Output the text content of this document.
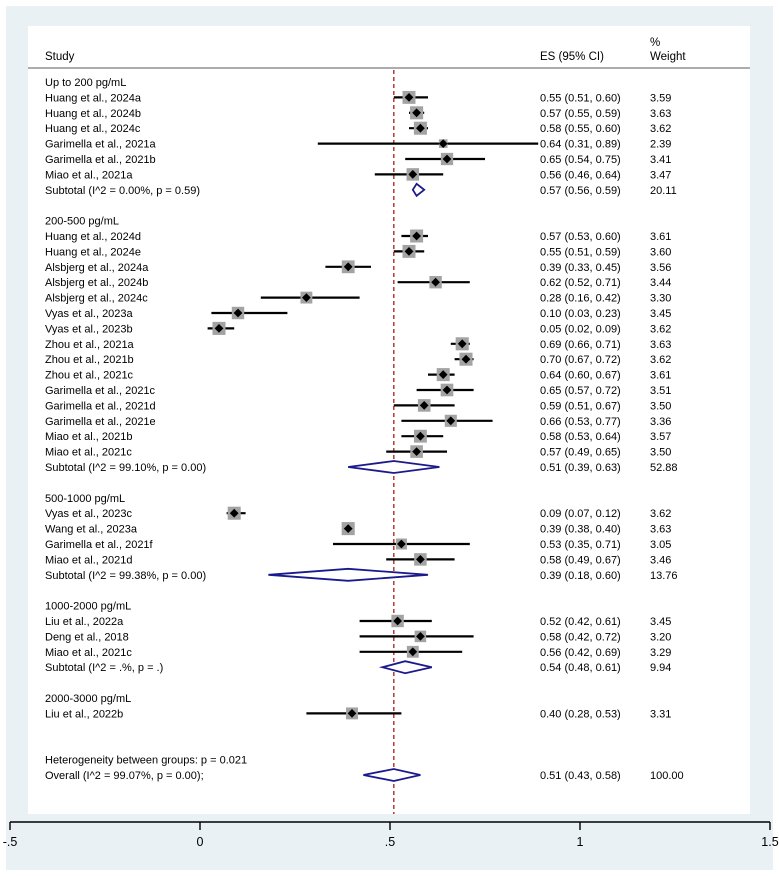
Study	ES (95% CI)
%
Weight
Up to 200 pg/mL
Huang et al., 2024a	0.55 (0.51, 0.60)	3.59
Huang et al., 2024b	0.57 (0.55, 0.59)	3.63
Huang et al., 2024c	0.58 (0.55, 0.60)	3.62
Garimella et al., 2021a	0.64 (0.31, 0.89)	2.39
Garimella et al., 2021b	0.65 (0.54, 0.75)	3.41
Miao et al., 2021a	0.56 (0.46, 0.64)	3.47
Subtotal (I^2 = 0.00%, p = 0.59)	0.57 (0.56, 0.59)	20.11
200-500 pg/mL
Huang et al., 2024d	0.57 (0.53, 0.60)	3.61
Huang et al., 2024e	0.55 (0.51, 0.59)	3.60
Alsbjerg et al., 2024a	0.39 (0.33, 0.45)	3.56
Alsbjerg et al., 2024b	0.62 (0.52, 0.71)	3.44
Alsbjerg et al., 2024c	0.28 (0.16, 0.42)	3.30
Vyas et al., 2023a	0.10 (0.03, 0.23)	3.45
Vyas et al., 2023b	0.05 (0.02, 0.09)	3.62
Zhou et al., 2021a	0.69 (0.66, 0.71)	3.63
Zhou et al., 2021b	0.70 (0.67, 0.72)	3.62
Zhou et al., 2021c	0.64 (0.60, 0.67)	3.61
Garimella et al., 2021c	0.65 (0.57, 0.72)	3.51
Garimella et al., 2021d	0.59 (0.51, 0.67)	3.50
Garimella et al., 2021e	0.66 (0.53, 0.77)	3.36
Miao et al., 2021b	0.58 (0.53, 0.64)	3.57
Miao et al., 2021c	0.57 (0.49, 0.65)	3.50
Subtotal (I^2 = 99.10%, p = 0.00)	0.51 (0.39, 0.63)	52.88
500-1000 pg/mL
Vyas et al., 2023c	0.09 (0.07, 0.12)	3.62
Wang et al., 2023a	0.39 (0.38, 0.40)	3.63
Garimella et al., 2021f	0.53 (0.35, 0.71)	3.05
Miao et al., 2021d	0.58 (0.49, 0.67)	3.46
Subtotal (I^2 = 99.38%, p = 0.00)	0.39 (0.18, 0.60)	13.76
1000-2000 pg/mL
Liu et al., 2022a	0.52 (0.42, 0.61)	3.45
Deng et al., 2018	0.58 (0.42, 0.72)	3.20
Miao et al., 2021c	0.56 (0.42, 0.69)	3.29
Subtotal (I^2 = .%, p = .)	0.54 (0.48, 0.61)	9.94
2000-3000 pg/mL
Liu et al., 2022b	0.40 (0.28, 0.53)	3.31
Heterogeneity between groups: p = 0.021
Overall (I^2 = 99.07%, p = 0.00);	0.51 (0.43, 0.58)	100.00
-.5	0	.5	1	1.5
